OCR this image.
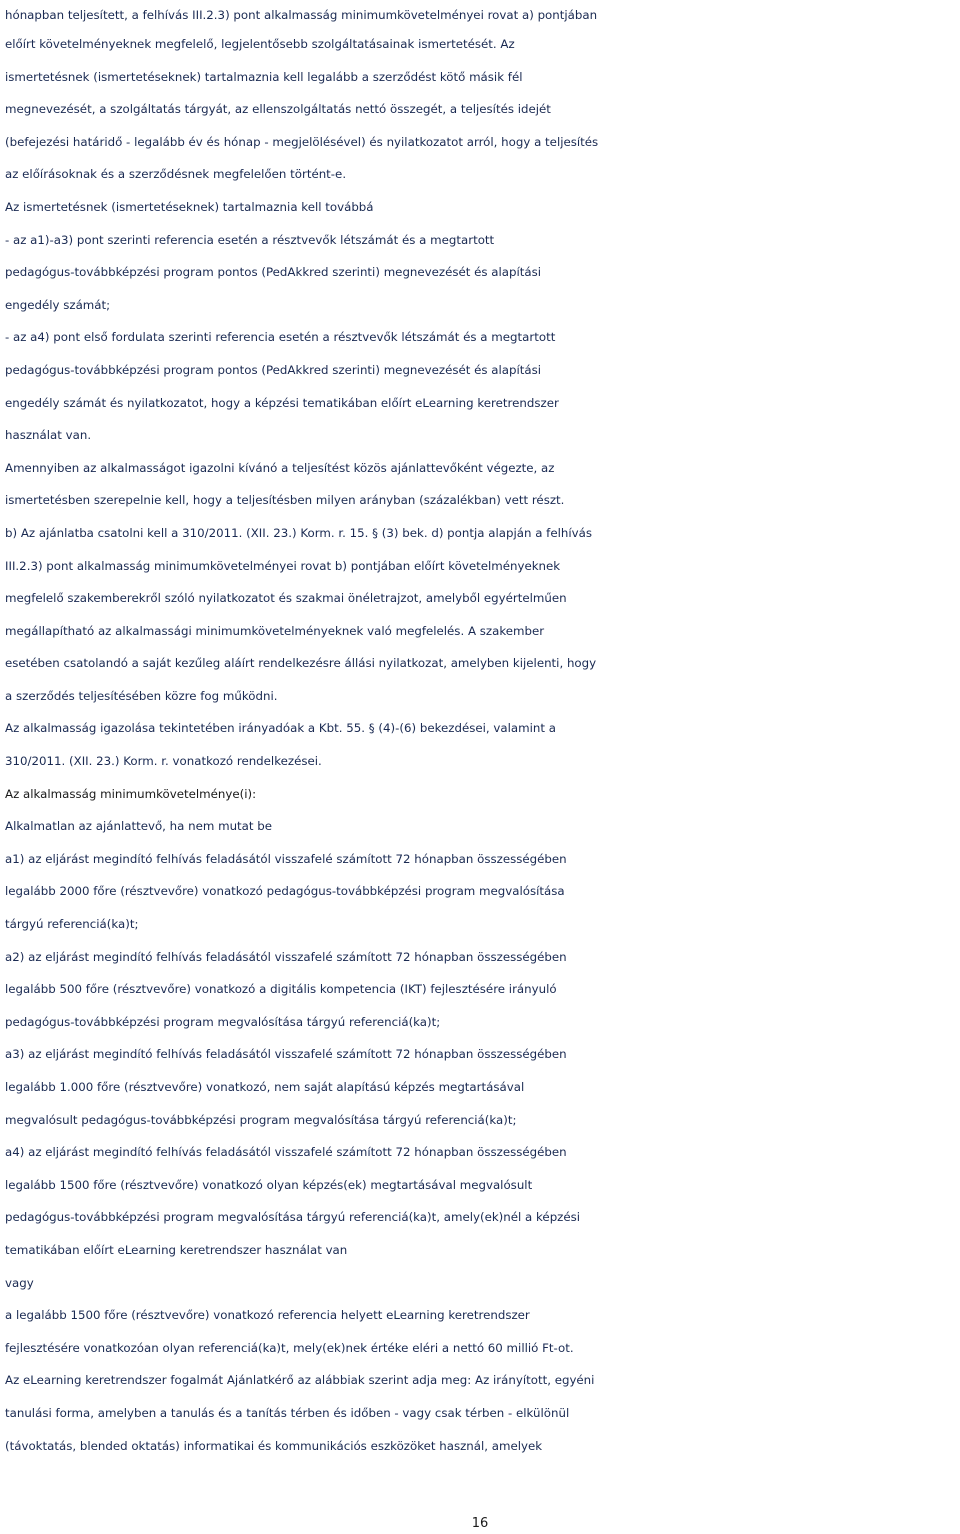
hónapban teljesített, a felhívás III.2.3) pont alkalmasság minimumkövetelményei rovat a) pontjában
előírt követelményeknek megfelelő, legjelentősebb szolgáltatásainak ismertetését. Az
ismertetésnek (ismertetéseknek) tartalmaznia kell legalább a szerződést kötő másik fél
megnevezését, a szolgáltatás tárgyát, az ellenszolgáltatás nettó összegét, a teljesítés idejét
(befejezési határidő - legalább év és hónap - megjelölésével) és nyilatkozatot arról, hogy a teljesítés
az előírásoknak és a szerződésnek megfelelően történt-e.
Az ismertetésnek (ismertetéseknek) tartalmaznia kell továbbá
- az a1)-a3) pont szerinti referencia esetén a résztvevők létszámát és a megtartott
pedagógus-továbbképzési program pontos (PedAkkred szerinti) megnevezését és alapítási
engedély számát;
- az a4) pont első fordulata szerinti referencia esetén a résztvevők létszámát és a megtartott
pedagógus-továbbképzési program pontos (PedAkkred szerinti) megnevezését és alapítási
engedély számát és nyilatkozatot, hogy a képzési tematikában előírt eLearning keretrendszer
használat van.
Amennyiben az alkalmasságot igazolni kívánó a teljesítést közös ajánlattevőként végezte, az
ismertetésben szerepelnie kell, hogy a teljesítésben milyen arányban (százalékban) vett részt.
b) Az ajánlatba csatolni kell a 310/2011. (XII. 23.) Korm. r. 15. § (3) bek. d) pontja alapján a felhívás
III.2.3) pont alkalmasság minimumkövetelményei rovat b) pontjában előírt követelményeknek
megfelelő szakemberekről szóló nyilatkozatot és szakmai önéletrajzot, amelyből egyértelműen
megállapítható az alkalmassági minimumkövetelményeknek való megfelelés. A szakember
esetében csatolandó a saját kezűleg aláírt rendelkezésre állási nyilatkozat, amelyben kijelenti, hogy
a szerződés teljesítésében közre fog működni.
Az alkalmasság igazolása tekintetében irányadóak a Kbt. 55. § (4)-(6) bekezdései, valamint a
310/2011. (XII. 23.) Korm. r. vonatkozó rendelkezései.
Az alkalmasság minimumkövetelménye(i):
Alkalmatlan az ajánlattevő, ha nem mutat be
a1) az eljárást megindító felhívás feladásától visszafelé számított 72 hónapban összességében
legalább 2000 főre (résztvevőre) vonatkozó pedagógus-továbbképzési program megvalósítása
tárgyú referenciá(ka)t;
a2) az eljárást megindító felhívás feladásától visszafelé számított 72 hónapban összességében
legalább 500 főre (résztvevőre) vonatkozó a digitális kompetencia (IKT) fejlesztésére irányuló
pedagógus-továbbképzési program megvalósítása tárgyú referenciá(ka)t;
a3) az eljárást megindító felhívás feladásától visszafelé számított 72 hónapban összességében
legalább 1.000 főre (résztvevőre) vonatkozó, nem saját alapítású képzés megtartásával
megvalósult pedagógus-továbbképzési program megvalósítása tárgyú referenciá(ka)t;
a4) az eljárást megindító felhívás feladásától visszafelé számított 72 hónapban összességében
legalább 1500 főre (résztvevőre) vonatkozó olyan képzés(ek) megtartásával megvalósult
pedagógus-továbbképzési program megvalósítása tárgyú referenciá(ka)t, amely(ek)nél a képzési
tematikában előírt eLearning keretrendszer használat van
vagy
a legalább 1500 főre (résztvevőre) vonatkozó referencia helyett eLearning keretrendszer
fejlesztésére vonatkozóan olyan referenciá(ka)t, mely(ek)nek értéke eléri a nettó 60 millió Ft-ot.
Az eLearning keretrendszer fogalmát Ajánlatkérő az alábbiak szerint adja meg: Az irányított, egyéni
tanulási forma, amelyben a tanulás és a tanítás térben és időben - vagy csak térben - elkülönül
(távoktatás, blended oktatás) informatikai és kommunikációs eszközöket használ, amelyek
16
